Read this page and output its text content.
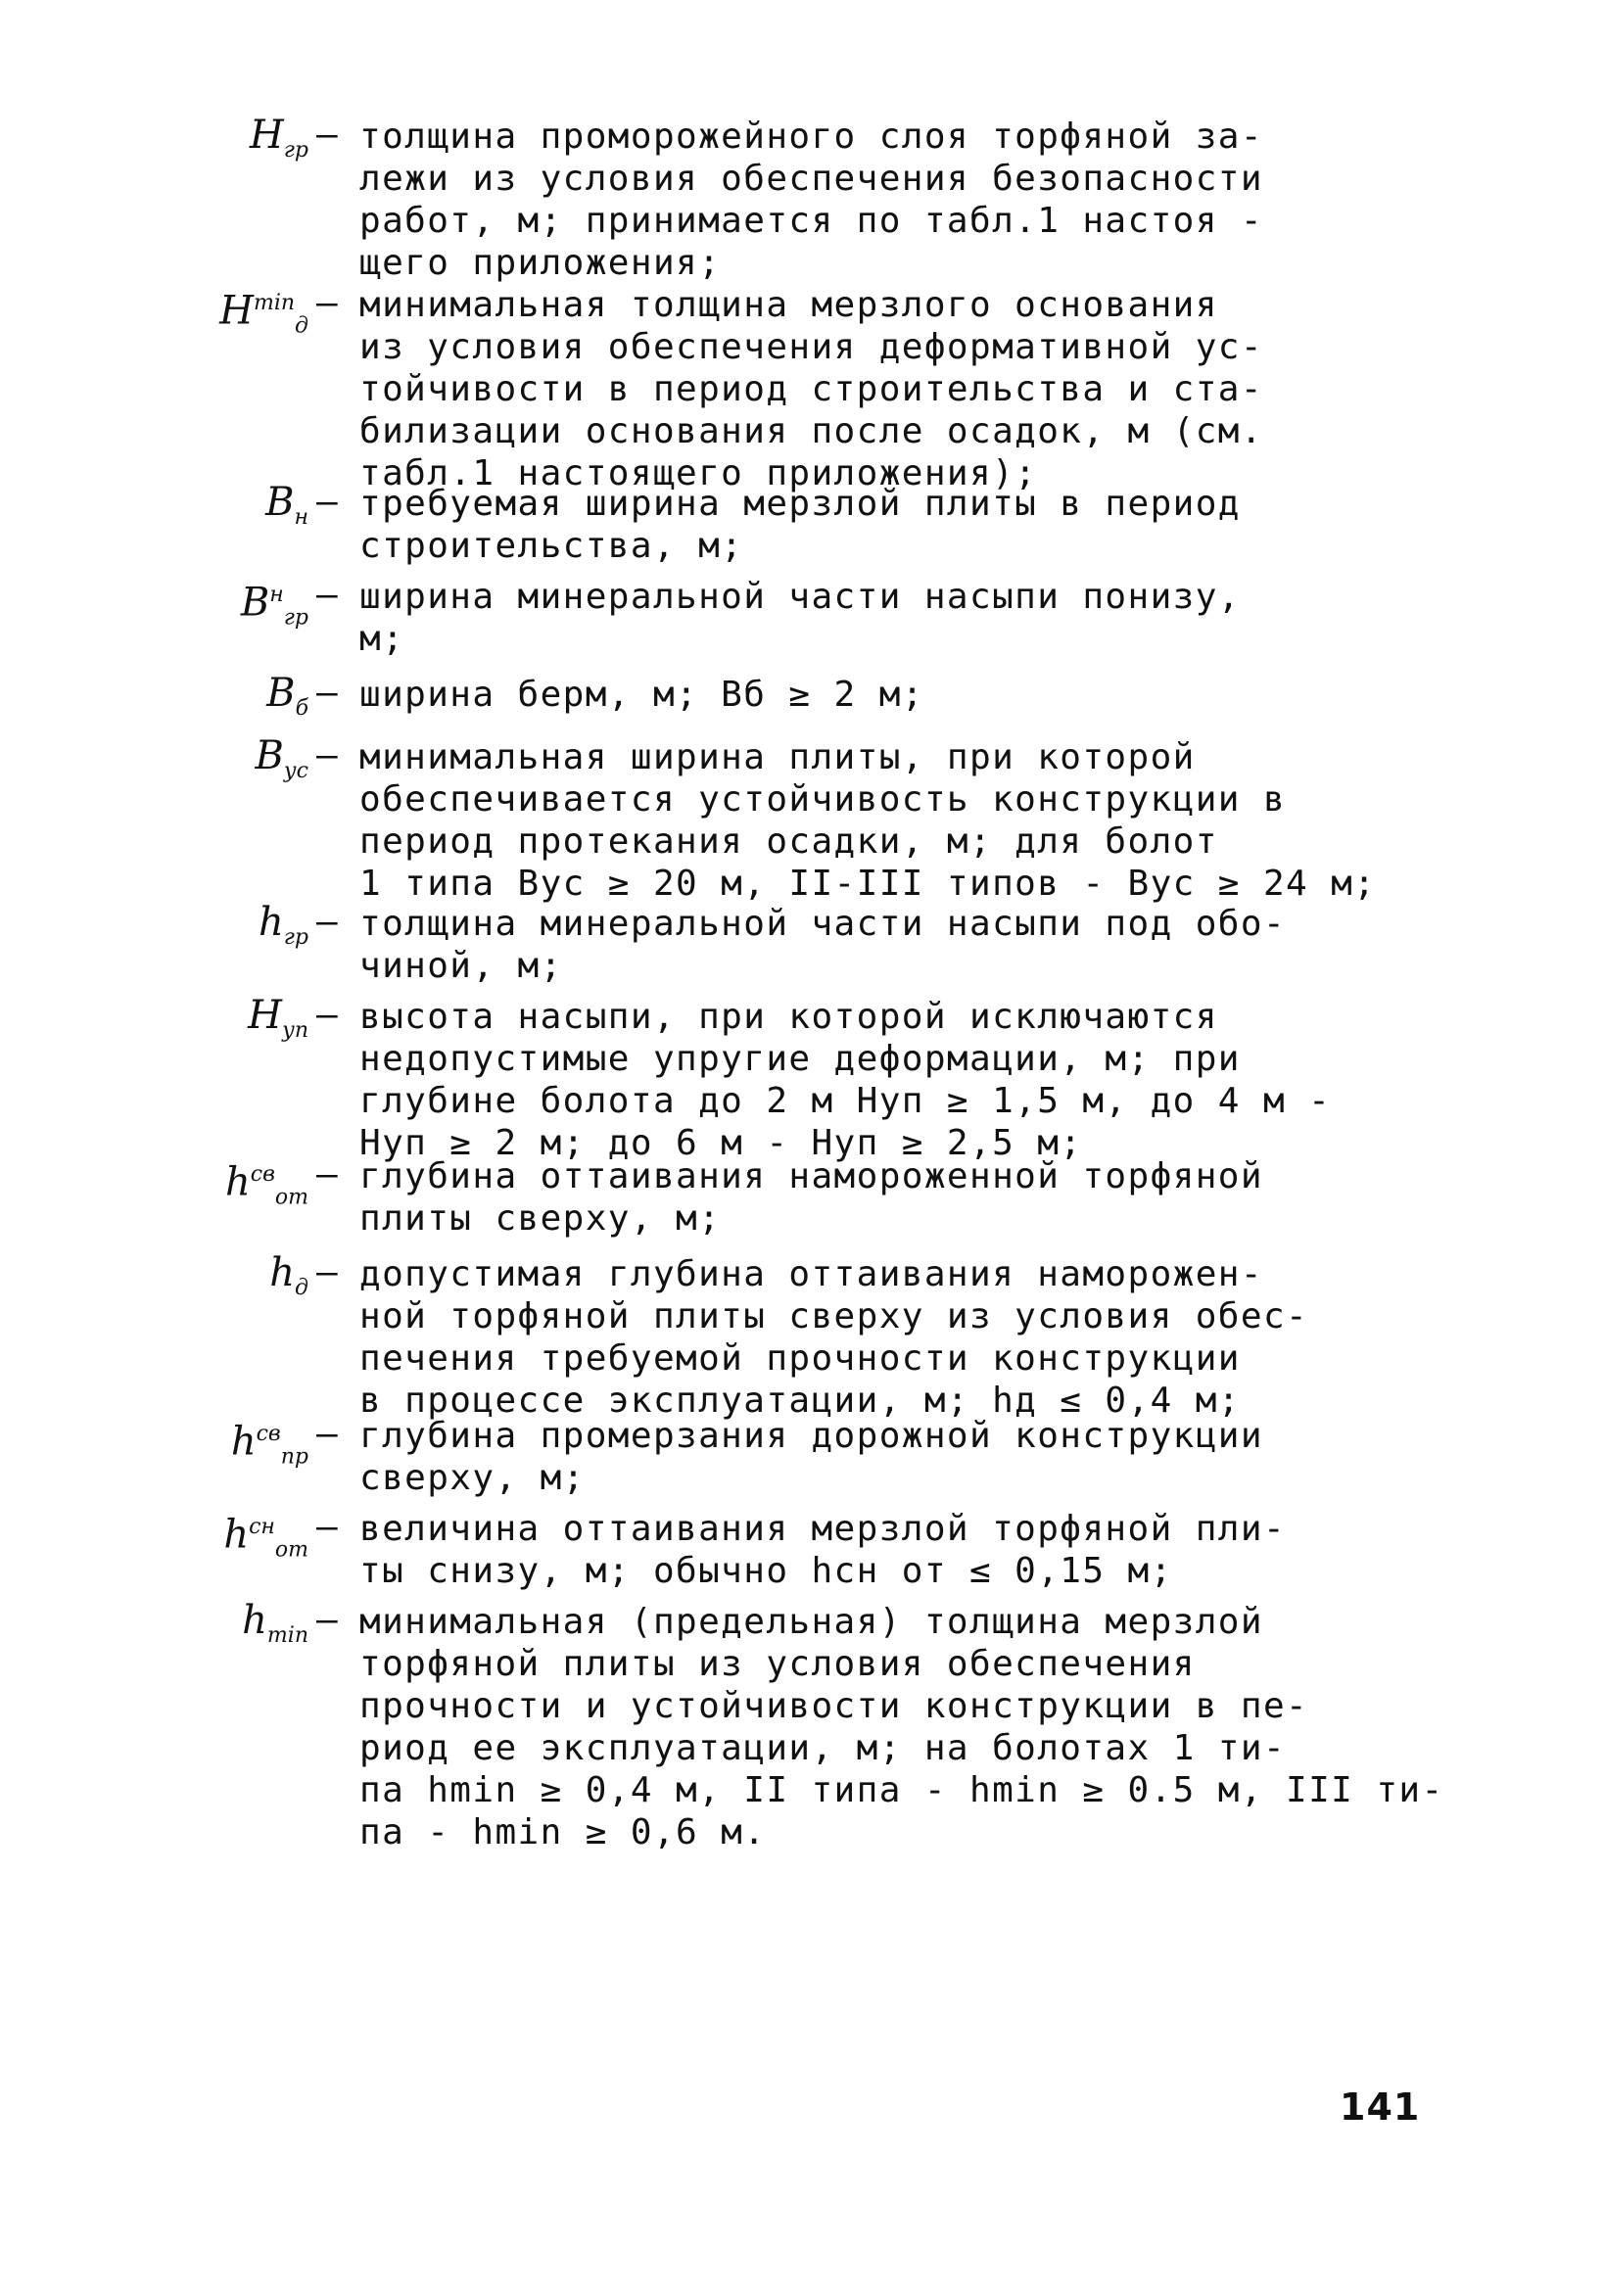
$H_{гр}$ – толщина проморожейного слоя торфяной за-
лежи из условия обеспечения безопасности
работ, м; принимается по табл.1 настоя -
щего приложения;
$H^{min}_д$
– минимальная толщина мерзлого основания
из условия обеспечения деформативной ус-
тойчивости в период строительства и ста-
билизации основания после осадок, м (см.
табл.1 настоящего приложения);
$B_н$ – требуемая ширина мерзлой плиты в период
строительства, м;
$B^н_{гр}$
– ширина минеральной части насыпи понизу,
м;
$B_б$ – ширина берм, м; Bб ≥ 2 м;
$B_{ус}$ – минимальная ширина плиты, при которой
обеспечивается устойчивость конструкции в
период протекания осадки, м; для болот
1 типа Bус ≥ 20 м, II-III типов - Bус ≥ 24 м;
$h_{гр}$ – толщина минеральной части насыпи под обо-
чиной, м;
$H_{уп}$ – высота насыпи, при которой исключаются
недопустимые упругие деформации, м; при
глубине болота до 2 м Hуп ≥ 1,5 м, до 4 м -
Hуп ≥ 2 м; до 6 м - Hуп ≥ 2,5 м;
$h^{св}_{от}$
– глубина оттаивания намороженной торфяной
плиты сверху, м;
$h_д$ – допустимая глубина оттаивания наморожен-
ной торфяной плиты сверху из условия обес-
печения требуемой прочности конструкции
в процессе эксплуатации, м; hд ≤ 0,4 м;
$h^{св}_{пр}$
– глубина промерзания дорожной конструкции
сверху, м;
$h^{сн}_{от}$
– величина оттаивания мерзлой торфяной пли-
ты снизу, м; обычно hсн от ≤ 0,15 м;
$h_{min}$ – минимальная (предельная) толщина мерзлой
торфяной плиты из условия обеспечения
прочности и устойчивости конструкции в пе-
риод ее эксплуатации, м; на болотах 1 ти-
па hmin ≥ 0,4 м, II типа - hmin ≥ 0.5 м, III ти-
па - hmin ≥ 0,6 м.
141
